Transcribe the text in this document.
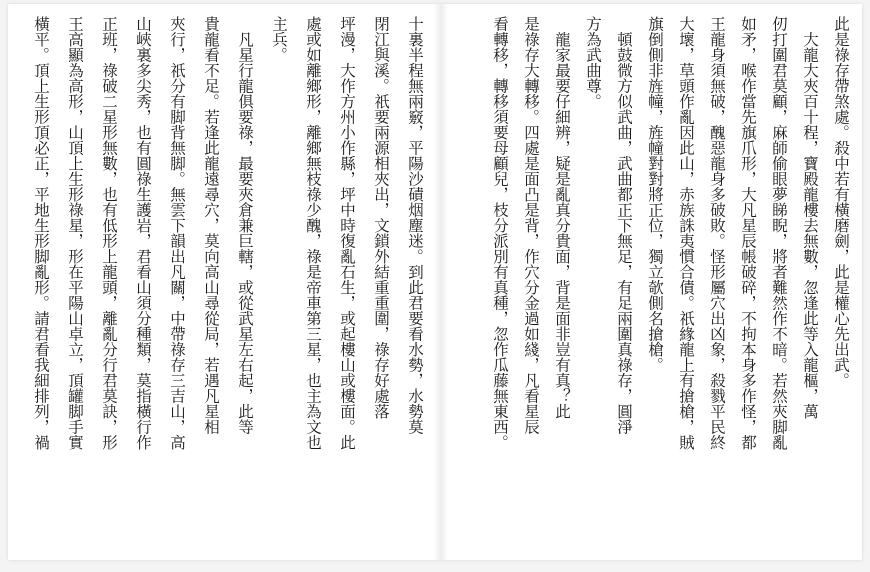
此是祿存帶煞處。殺中若有橫磨劍，此是權心先出武。
　大龍大夾百十程，寶殿龍樓去無數，忽逢此等入龍樞，萬
仞打圍君莫顧，麻師偷眼夢睇睨，將者難然作不暗。若然夾脚亂
如矛，喉作當先旗爪形，大凡星辰帳破碎，不拘本身多作怪，都
王龍身須無破，醜惡龍身多破敗。怪形屬穴出凶象，殺戮平民終
大壞，草頭作亂因此山，赤族誅夷慣合債。祇緣龍上有搶槍，賊
旗倒側非旌幢，旌幢對對將正位，獨立欹側名搶槍。
　頓鼓微方似武曲，武曲都正下無足，有足兩圍真祿存，圓淨
方為武曲尊。
　龍家最要仔細辨，疑是亂真分貴面，背是面非豈有真？此
是祿存大轉移。四處是面凸是背，作穴分金過如綫，凡看星辰
看轉移，轉移須要母顧兒，枝分派別有真種，忽作瓜藤無東西。
十裏半程無兩竅，平陽沙磧烟塵迷。到此君要看水勢，水勢莫
閉江與溪。祇要兩源相夾出，文鎖外結重重圍，祿存好處落
坪漫，大作方州小作縣，坪中時復亂石生，或起樓山或樓面。此
處或如離鄉形，離鄉無枝祿少醜，祿是帝車第三星，也主為文也
主兵。
　凡星行龍俱要祿，最要夾倉兼巨轄，或從武星左右起，此等
貴龍看不足。若逢此龍遠尋穴，莫向高山尋從局，若遇凡星相
夾行，祇分有脚背無脚。無雲下韻出凡關，中帶祿存三吉山，高
山峽裏多尖秀，也有圓祿生護岩，君看山須分種類，莫指橫行作
正班，祿破二星形無數，也有低形上龍頭，離亂分行君莫訣，形
王高顯為高形，山頂上生形祿星，形在平陽山卓立，頂罐脚手實
橫平。頂上生形頂必正，平地生形脚亂形。請君看我細排列，禍
